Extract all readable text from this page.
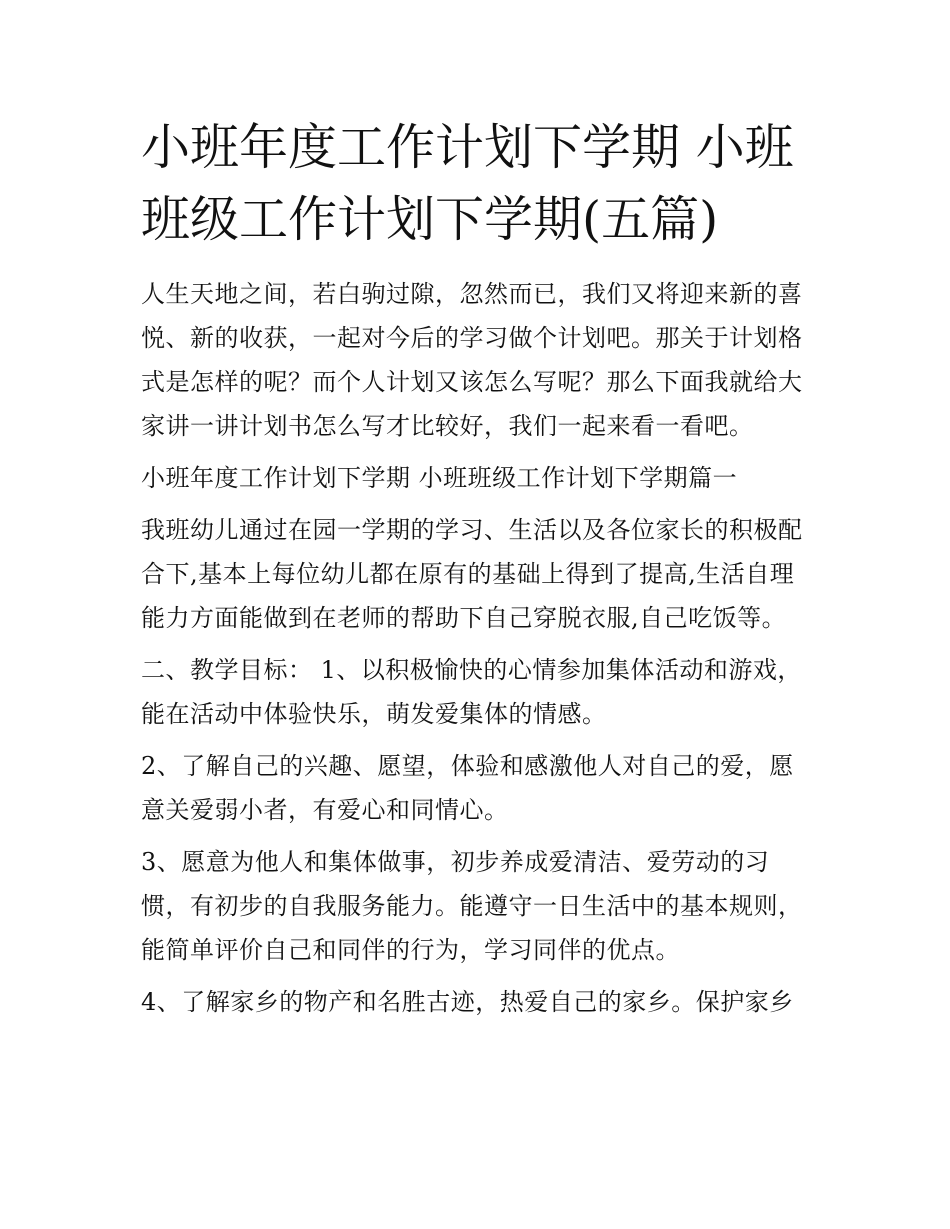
小班年度工作计划下学期 小班班级工作计划下学期(五篇)

人生天地之间，若白驹过隙，忽然而已，我们又将迎来新的喜悦、新的收获，一起对今后的学习做个计划吧。那关于计划格式是怎样的呢？而个人计划又该怎么写呢？那么下面我就给大家讲一讲计划书怎么写才比较好，我们一起来看一看吧。

小班年度工作计划下学期 小班班级工作计划下学期篇一

我班幼儿通过在园一学期的学习、生活以及各位家长的积极配合下,基本上每位幼儿都在原有的基础上得到了提高,生活自理能力方面能做到在老师的帮助下自己穿脱衣服,自己吃饭等。

二、教学目标： 1、以积极愉快的心情参加集体活动和游戏，能在活动中体验快乐，萌发爱集体的情感。

2、了解自己的兴趣、愿望，体验和感激他人对自己的爱，愿意关爱弱小者，有爱心和同情心。

3、愿意为他人和集体做事，初步养成爱清洁、爱劳动的习惯，有初步的自我服务能力。能遵守一日生活中的基本规则，能简单评价自己和同伴的行为，学习同伴的优点。

4、了解家乡的物产和名胜古迹，热爱自己的家乡。保护家乡
